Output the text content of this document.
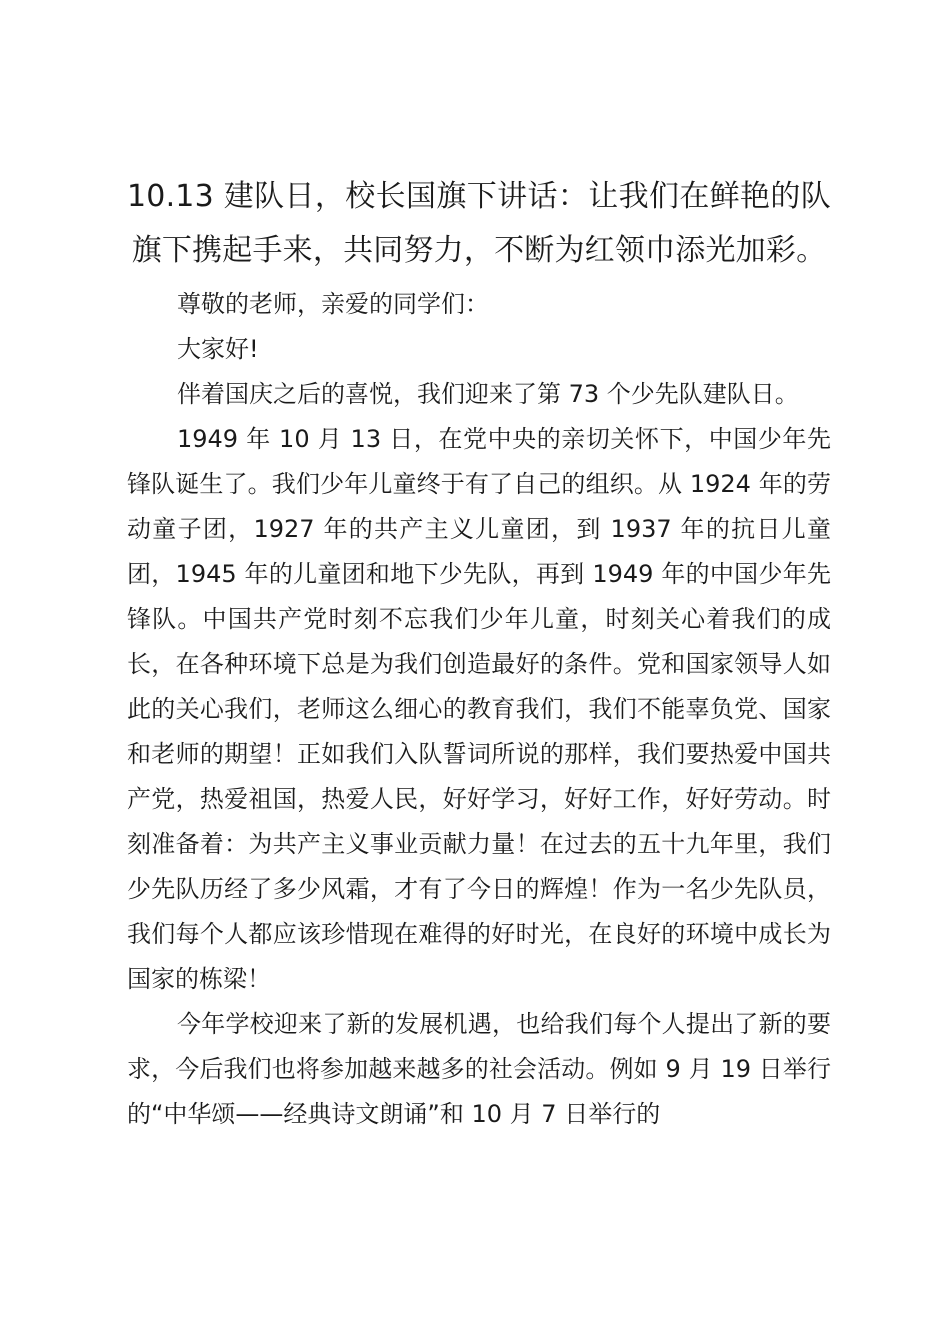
10.13 建队日，校长国旗下讲话：让我们在鲜艳的队旗下携起手来，共同努力，不断为红领巾添光加彩。

尊敬的老师，亲爱的同学们：

大家好!

伴着国庆之后的喜悦，我们迎来了第 73 个少先队建队日。

1949 年 10 月 13 日，在党中央的亲切关怀下，中国少年先锋队诞生了。我们少年儿童终于有了自己的组织。从 1924 年的劳动童子团，1927 年的共产主义儿童团，到 1937 年的抗日儿童团，1945 年的儿童团和地下少先队，再到 1949 年的中国少年先锋队。中国共产党时刻不忘我们少年儿童，时刻关心着我们的成长，在各种环境下总是为我们创造最好的条件。党和国家领导人如此的关心我们，老师这么细心的教育我们，我们不能辜负党、国家和老师的期望！正如我们入队誓词所说的那样，我们要热爱中国共产党，热爱祖国，热爱人民，好好学习，好好工作，好好劳动。时刻准备着：为共产主义事业贡献力量！在过去的五十九年里，我们少先队历经了多少风霜，才有了今日的辉煌！作为一名少先队员，我们每个人都应该珍惜现在难得的好时光，在良好的环境中成长为国家的栋梁！

今年学校迎来了新的发展机遇，也给我们每个人提出了新的要求，今后我们也将参加越来越多的社会活动。例如 9 月 19 日举行的“中华颂——经典诗文朗诵”和 10 月 7 日举行的
